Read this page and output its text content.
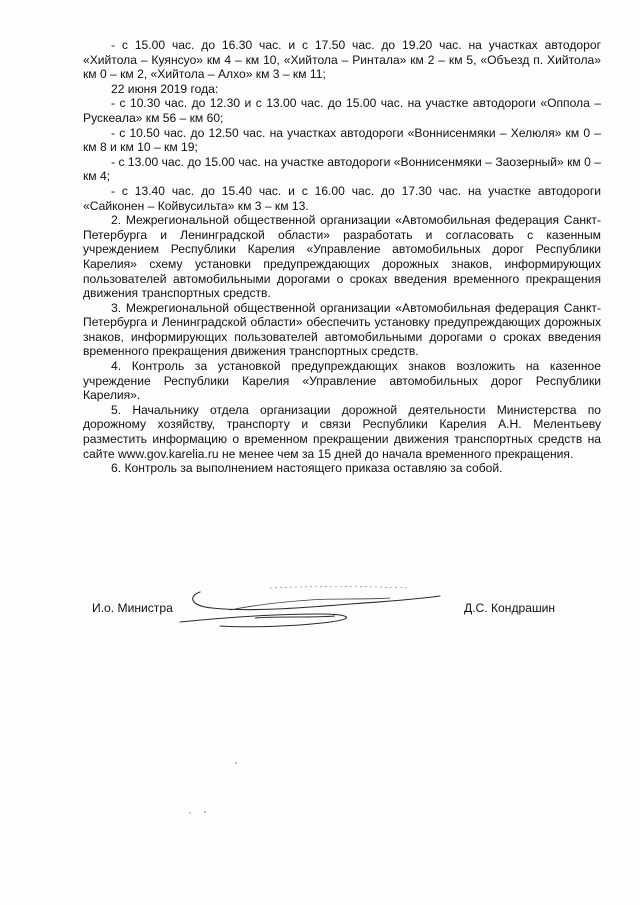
- с 15.00 час. до 16.30 час. и с 17.50 час. до 19.20 час. на участках автодорог «Хийтола – Куянсуо» км 4 – км 10, «Хийтола – Ринтала» км 2 – км 5, «Объезд п. Хийтола» км 0 – км 2, «Хийтола – Алхо» км 3 – км 11;

22 июня 2019 года:

- с 10.30 час. до 12.30 и с 13.00 час. до 15.00 час. на участке автодороги «Оппола – Рускеала» км 56 – км 60;

- с 10.50 час. до 12.50 час. на участках автодороги «Воннисенмяки – Хелюля» км 0 – км 8 и км 10 – км 19;

- с 13.00 час. до 15.00 час. на участке автодороги «Воннисенмяки – Заозерный» км 0 – км 4;

- с 13.40 час. до 15.40 час. и с 16.00 час. до 17.30 час. на участке автодороги «Сайконен – Койвусильта» км 3 – км 13.

2. Межрегиональной общественной организации «Автомобильная федерация Санкт-Петербурга и Ленинградской области» разработать и согласовать с казенным учреждением Республики Карелия «Управление автомобильных дорог Республики Карелия» схему установки предупреждающих дорожных знаков, информирующих пользователей автомобильными дорогами о сроках введения временного прекращения движения транспортных средств.

3. Межрегиональной общественной организации «Автомобильная федерация Санкт-Петербурга и Ленинградской области» обеспечить установку предупреждающих дорожных знаков, информирующих пользователей автомобильными дорогами о сроках введения временного прекращения движения транспортных средств.

4. Контроль за установкой предупреждающих знаков возложить на казенное учреждение Республики Карелия «Управление автомобильных дорог Республики Карелия».

5. Начальнику отдела организации дорожной деятельности Министерства по дорожному хозяйству, транспорту и связи Республики Карелия А.Н. Мелентьеву разместить информацию о временном прекращении движения транспортных средств на сайте www.gov.karelia.ru не менее чем за 15 дней до начала временного прекращения.

6. Контроль за выполнением настоящего приказа оставляю за собой.

И.о. Министра	Д.С. Кондрашин
